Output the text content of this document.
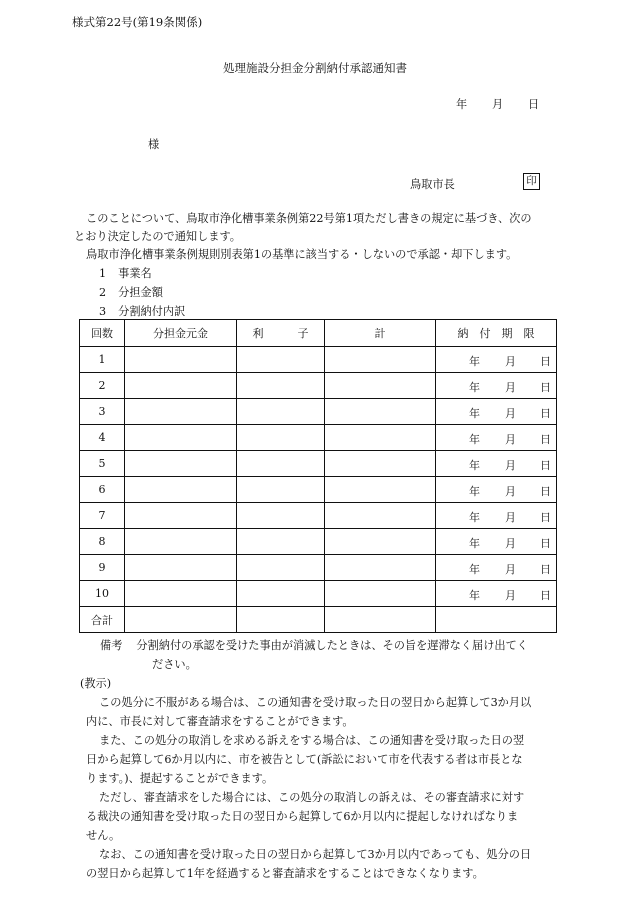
様式第22号(第19条関係)
処理施設分担金分割納付承認通知書
年 月 日
様
鳥取市長	印
このことについて、鳥取市浄化槽事業条例第22号第1項ただし書きの規定に基づき、次の
とおり決定したので通知します。
鳥取市浄化槽事業条例規則別表第1の基準に該当する・しないので承認・却下します。
1 事業名
2 分担金額
3 分割納付内訳
回数	分担金元金	利 子	計	納　付　期　限
1				年 月 日

2				年 月 日

3				年 月 日

4				年 月 日

5				年 月 日

6				年 月 日

7				年 月 日

8				年 月 日

9				年 月 日

10				年 月 日

合計				
備考 分割納付の承認を受けた事由が消滅したときは、その旨を遅滞なく届け出てく
ださい。
(教示)
この処分に不服がある場合は、この通知書を受け取った日の翌日から起算して3か月以
内に、市長に対して審査請求をすることができます。
また、この処分の取消しを求める訴えをする場合は、この通知書を受け取った日の翌
日から起算して6か月以内に、市を被告として(訴訟において市を代表する者は市長とな
ります。)、提起することができます。
ただし、審査請求をした場合には、この処分の取消しの訴えは、その審査請求に対す
る裁決の通知書を受け取った日の翌日から起算して6か月以内に提起しなければなりま
せん。
なお、この通知書を受け取った日の翌日から起算して3か月以内であっても、処分の日
の翌日から起算して1年を経過すると審査請求をすることはできなくなります。
